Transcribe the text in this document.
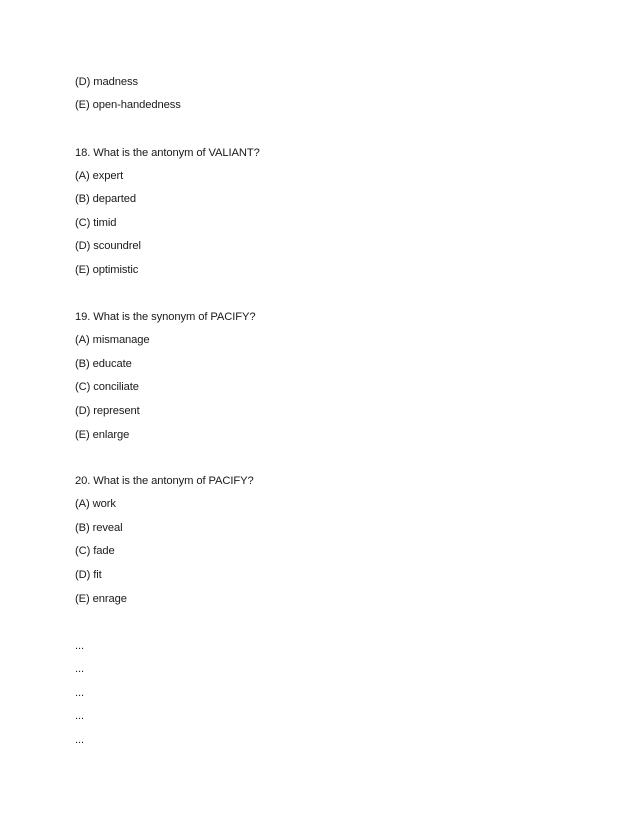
(D) madness
(E) open-handedness
18. What is the antonym of VALIANT?
(A) expert
(B) departed
(C) timid
(D) scoundrel
(E) optimistic
19. What is the synonym of PACIFY?
(A) mismanage
(B) educate
(C) conciliate
(D) represent
(E) enlarge
20. What is the antonym of PACIFY?
(A) work
(B) reveal
(C) fade
(D) fit
(E) enrage
...
...
...
...
...
